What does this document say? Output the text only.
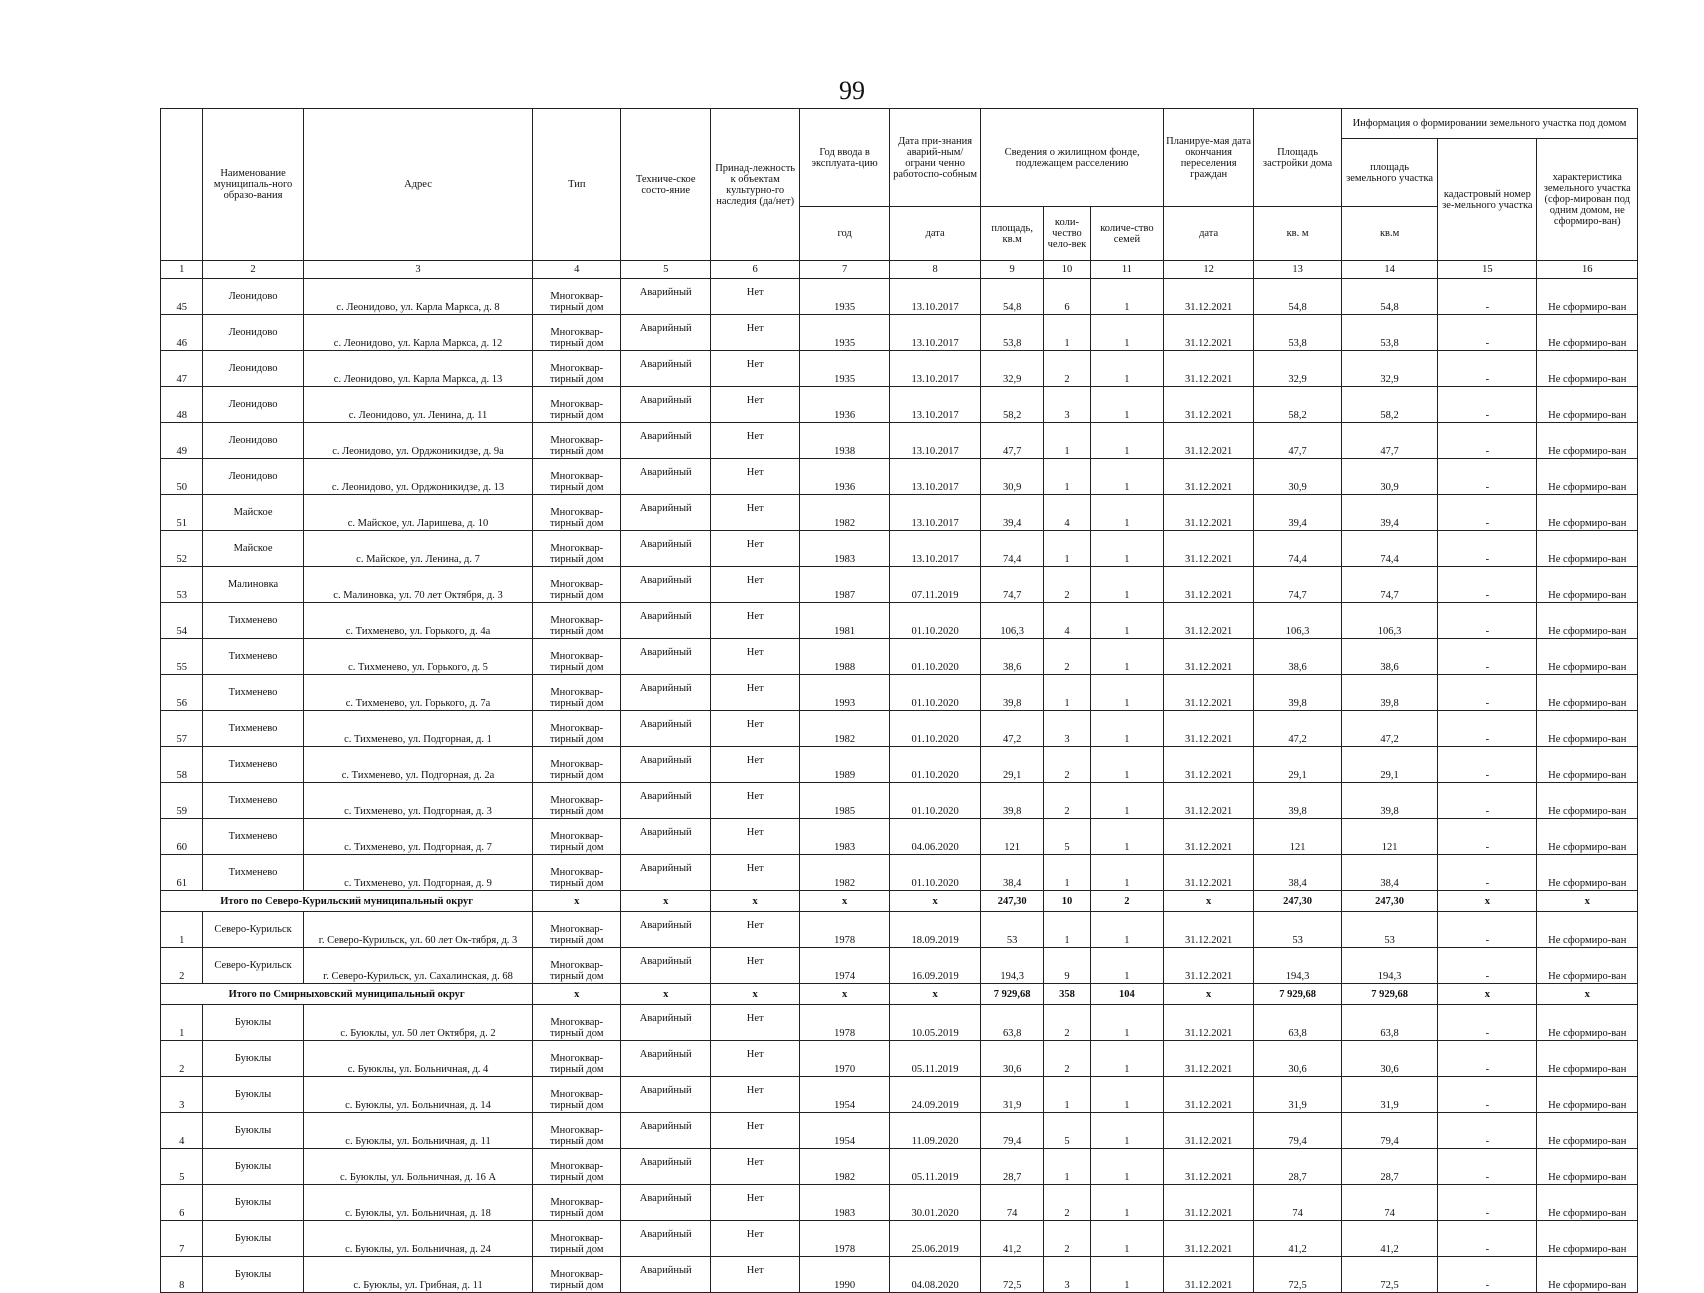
99
	Наименование муниципаль-ного образо-вания	Адрес	Тип	Техниче-ское состо-яние	Принад-лежность к объектам культурно-го наследия (да/нет)	Год ввода в эксплуата-цию	Дата при-знания аварий-ным/ограни ченно работоспо-собным	Сведения о жилищном фонде, подлежащем расселению			Планируе-мая дата окончания переселения граждан	Площадь застройки дома	Информация о формировании земельного участка под домом		
													площадь земельного участка	кадастровый номер зе-мельного участка	характеристика земельного участка (сфор-мирован под одним домом, не сформиро-ван)
						год	дата	площадь, кв.м	коли-чество чело-век	количе-ство семей	дата	кв. м	кв.м		
1	2	3	4	5	6	7	8	9	10	11	12	13	14	15	16
45	Леонидово	с. Леонидово, ул. Карла Маркса, д. 8	Многоквар-тирный дом	Аварийный	Нет	1935	13.10.2017	54,8	6	1	31.12.2021	54,8	54,8	-	Не сформиро-ван
46	Леонидово	с. Леонидово, ул. Карла Маркса, д. 12	Многоквар-тирный дом	Аварийный	Нет	1935	13.10.2017	53,8	1	1	31.12.2021	53,8	53,8	-	Не сформиро-ван
47	Леонидово	с. Леонидово, ул. Карла Маркса, д. 13	Многоквар-тирный дом	Аварийный	Нет	1935	13.10.2017	32,9	2	1	31.12.2021	32,9	32,9	-	Не сформиро-ван
48	Леонидово	с. Леонидово, ул. Ленина, д. 11	Многоквар-тирный дом	Аварийный	Нет	1936	13.10.2017	58,2	3	1	31.12.2021	58,2	58,2	-	Не сформиро-ван
49	Леонидово	с. Леонидово, ул. Орджоникидзе, д. 9а	Многоквар-тирный дом	Аварийный	Нет	1938	13.10.2017	47,7	1	1	31.12.2021	47,7	47,7	-	Не сформиро-ван
50	Леонидово	с. Леонидово, ул. Орджоникидзе, д. 13	Многоквар-тирный дом	Аварийный	Нет	1936	13.10.2017	30,9	1	1	31.12.2021	30,9	30,9	-	Не сформиро-ван
51	Майское	с. Майское, ул. Ларишева, д. 10	Многоквар-тирный дом	Аварийный	Нет	1982	13.10.2017	39,4	4	1	31.12.2021	39,4	39,4	-	Не сформиро-ван
52	Майское	с. Майское, ул. Ленина, д. 7	Многоквар-тирный дом	Аварийный	Нет	1983	13.10.2017	74,4	1	1	31.12.2021	74,4	74,4	-	Не сформиро-ван
53	Малиновка	с. Малиновка, ул. 70 лет Октября, д. 3	Многоквар-тирный дом	Аварийный	Нет	1987	07.11.2019	74,7	2	1	31.12.2021	74,7	74,7	-	Не сформиро-ван
54	Тихменево	с. Тихменево, ул. Горького, д. 4а	Многоквар-тирный дом	Аварийный	Нет	1981	01.10.2020	106,3	4	1	31.12.2021	106,3	106,3	-	Не сформиро-ван
55	Тихменево	с. Тихменево, ул. Горького, д. 5	Многоквар-тирный дом	Аварийный	Нет	1988	01.10.2020	38,6	2	1	31.12.2021	38,6	38,6	-	Не сформиро-ван
56	Тихменево	с. Тихменево, ул. Горького, д. 7а	Многоквар-тирный дом	Аварийный	Нет	1993	01.10.2020	39,8	1	1	31.12.2021	39,8	39,8	-	Не сформиро-ван
57	Тихменево	с. Тихменево, ул. Подгорная, д. 1	Многоквар-тирный дом	Аварийный	Нет	1982	01.10.2020	47,2	3	1	31.12.2021	47,2	47,2	-	Не сформиро-ван
58	Тихменево	с. Тихменево, ул. Подгорная, д. 2а	Многоквар-тирный дом	Аварийный	Нет	1989	01.10.2020	29,1	2	1	31.12.2021	29,1	29,1	-	Не сформиро-ван
59	Тихменево	с. Тихменево, ул. Подгорная, д. 3	Многоквар-тирный дом	Аварийный	Нет	1985	01.10.2020	39,8	2	1	31.12.2021	39,8	39,8	-	Не сформиро-ван
60	Тихменево	с. Тихменево, ул. Подгорная, д. 7	Многоквар-тирный дом	Аварийный	Нет	1983	04.06.2020	121	5	1	31.12.2021	121	121	-	Не сформиро-ван
61	Тихменево	с. Тихменево, ул. Подгорная, д. 9	Многоквар-тирный дом	Аварийный	Нет	1982	01.10.2020	38,4	1	1	31.12.2021	38,4	38,4	-	Не сформиро-ван
Итого по Северо-Курильский муниципальный округ			x	x	x	x	x	247,30	10	2	x	247,30	247,30	x	x
1	Северо-Курильск	г. Северо-Курильск, ул. 60 лет Ок-тября, д. 3	Многоквар-тирный дом	Аварийный	Нет	1978	18.09.2019	53	1	1	31.12.2021	53	53	-	Не сформиро-ван
2	Северо-Курильск	г. Северо-Курильск, ул. Сахалинская, д. 68	Многоквар-тирный дом	Аварийный	Нет	1974	16.09.2019	194,3	9	1	31.12.2021	194,3	194,3	-	Не сформиро-ван
Итого по Смирныховский муниципальный округ			x	x	x	x	x	7 929,68	358	104	x	7 929,68	7 929,68	x	x
1	Буюклы	с. Буюклы, ул. 50 лет Октября, д. 2	Многоквар-тирный дом	Аварийный	Нет	1978	10.05.2019	63,8	2	1	31.12.2021	63,8	63,8	-	Не сформиро-ван
2	Буюклы	с. Буюклы, ул. Больничная, д. 4	Многоквар-тирный дом	Аварийный	Нет	1970	05.11.2019	30,6	2	1	31.12.2021	30,6	30,6	-	Не сформиро-ван
3	Буюклы	с. Буюклы, ул. Больничная, д. 14	Многоквар-тирный дом	Аварийный	Нет	1954	24.09.2019	31,9	1	1	31.12.2021	31,9	31,9	-	Не сформиро-ван
4	Буюклы	с. Буюклы, ул. Больничная, д. 11	Многоквар-тирный дом	Аварийный	Нет	1954	11.09.2020	79,4	5	1	31.12.2021	79,4	79,4	-	Не сформиро-ван
5	Буюклы	с. Буюклы, ул. Больничная, д. 16 А	Многоквар-тирный дом	Аварийный	Нет	1982	05.11.2019	28,7	1	1	31.12.2021	28,7	28,7	-	Не сформиро-ван
6	Буюклы	с. Буюклы, ул. Больничная, д. 18	Многоквар-тирный дом	Аварийный	Нет	1983	30.01.2020	74	2	1	31.12.2021	74	74	-	Не сформиро-ван
7	Буюклы	с. Буюклы, ул. Больничная, д. 24	Многоквар-тирный дом	Аварийный	Нет	1978	25.06.2019	41,2	2	1	31.12.2021	41,2	41,2	-	Не сформиро-ван
8	Буюклы	с. Буюклы, ул. Грибная, д. 11	Многоквар-тирный дом	Аварийный	Нет	1990	04.08.2020	72,5	3	1	31.12.2021	72,5	72,5	-	Не сформиро-ван
